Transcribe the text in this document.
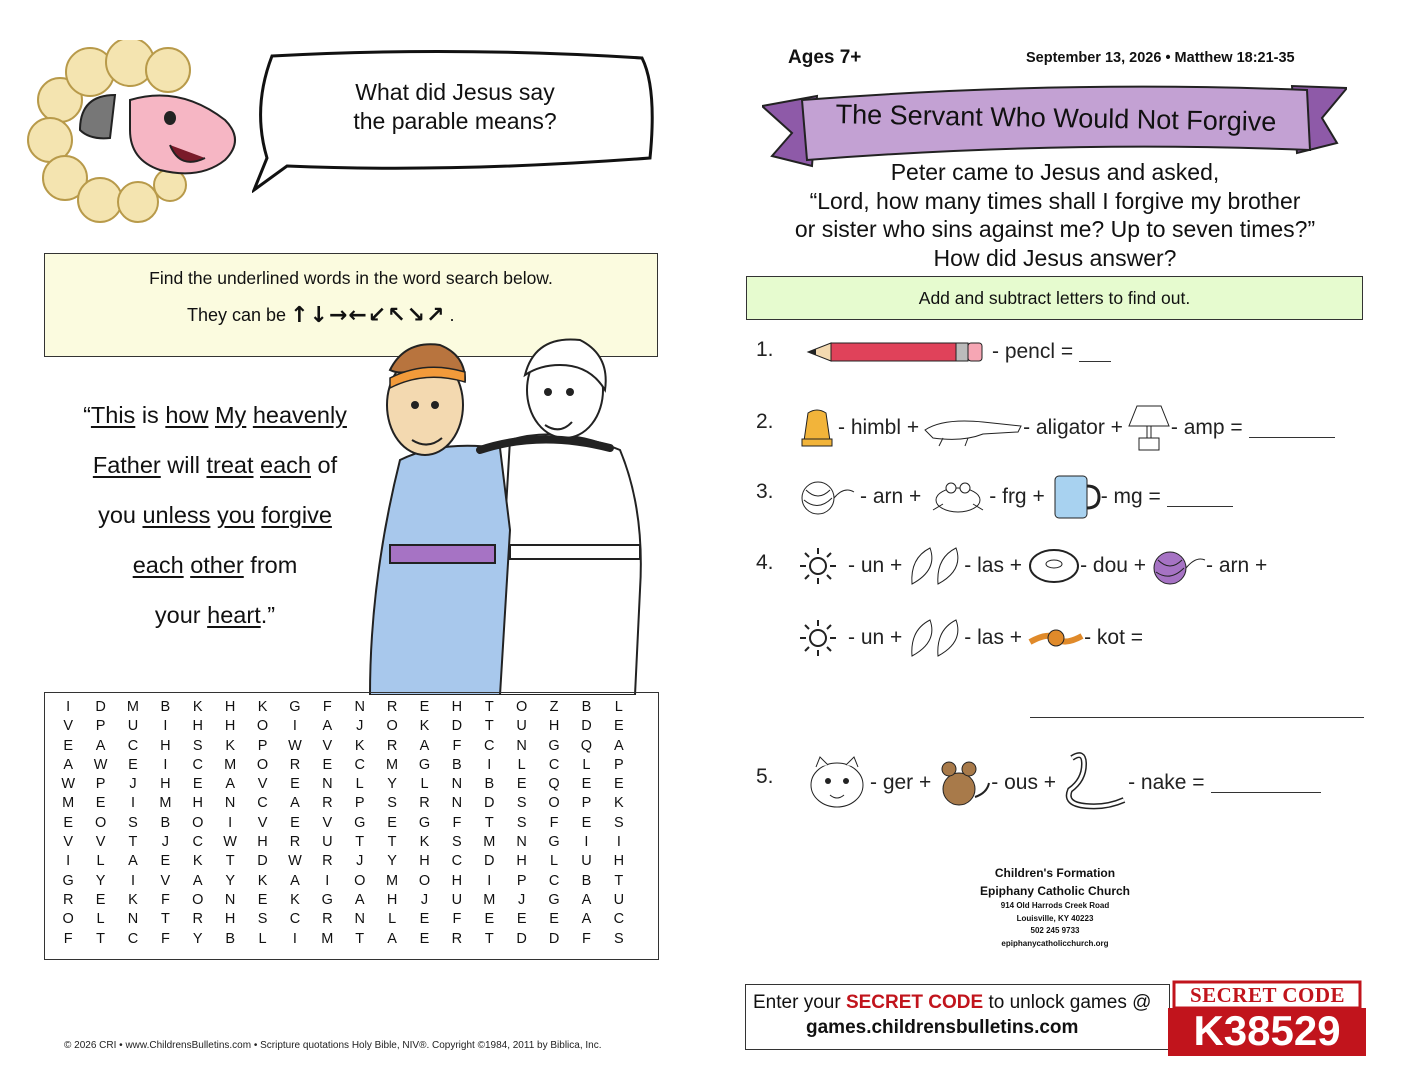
What did Jesus say
the parable means?
Find the underlined words in the word search below.
They can be ↑↓→←↙↖↘↗ .
“This is how My heavenly
Father will treat each of
you unless you forgive
each other from
your heart.”
I	D	M	B	K	H	K	G	F	N	R	E	H	T	O	Z	B	L
V	P	U	I	H	H	O	I	A	J	O	K	D	T	U	H	D	E
E	A	C	H	S	K	P	W	V	K	R	A	F	C	N	G	Q	A
A	W	E	I	C	M	O	R	E	C	M	G	B	I	L	C	L	P
W	P	J	H	E	A	V	E	N	L	Y	L	N	B	E	Q	E	E
M	E	I	M	H	N	C	A	R	P	S	R	N	D	S	O	P	K
E	O	S	B	O	I	V	E	V	G	E	G	F	T	S	F	E	S
V	V	T	J	C	W	H	R	U	T	T	K	S	M	N	G	I	I
I	L	A	E	K	T	D	W	R	J	Y	H	C	D	H	L	U	H
G	Y	I	V	A	Y	K	A	I	O	M	O	H	I	P	C	B	T
R	E	K	F	O	N	E	K	G	A	H	J	U	M	J	G	A	U
O	L	N	T	R	H	S	C	R	N	L	E	F	E	E	E	A	C
F	T	C	F	Y	B	L	I	M	T	A	E	R	T	D	D	F	S
© 2026 CRI • www.ChildrensBulletins.com • Scripture quotations Holy Bible, NIV®. Copyright ©1984, 2011 by Biblica, Inc.
Ages 7+	September 13, 2026 • Matthew 18:21-35
The Servant Who Would Not Forgive
Peter came to Jesus and asked,
“Lord, how many times shall I forgive my brother
or sister who sins against me? Up to seven times?”
How did Jesus answer?
Add and subtract letters to find out.
1.	- pencl =
2.	- himbl +	- aligator + - amp =
3.	- arn +	- frg +	- mg =
4.	- un +	- las +	- dou +	- arn +
- un +	- las +	- kot =
5.	- ger +	- ous +	- nake =
Children's Formation
Epiphany Catholic Church
914 Old Harrods Creek Road
Louisville, KY 40223
502 245 9733
epiphanycatholicchurch.org
Enter your SECRET CODE to unlock games @
games.childrensbulletins.com
SECRET CODE
K38529
